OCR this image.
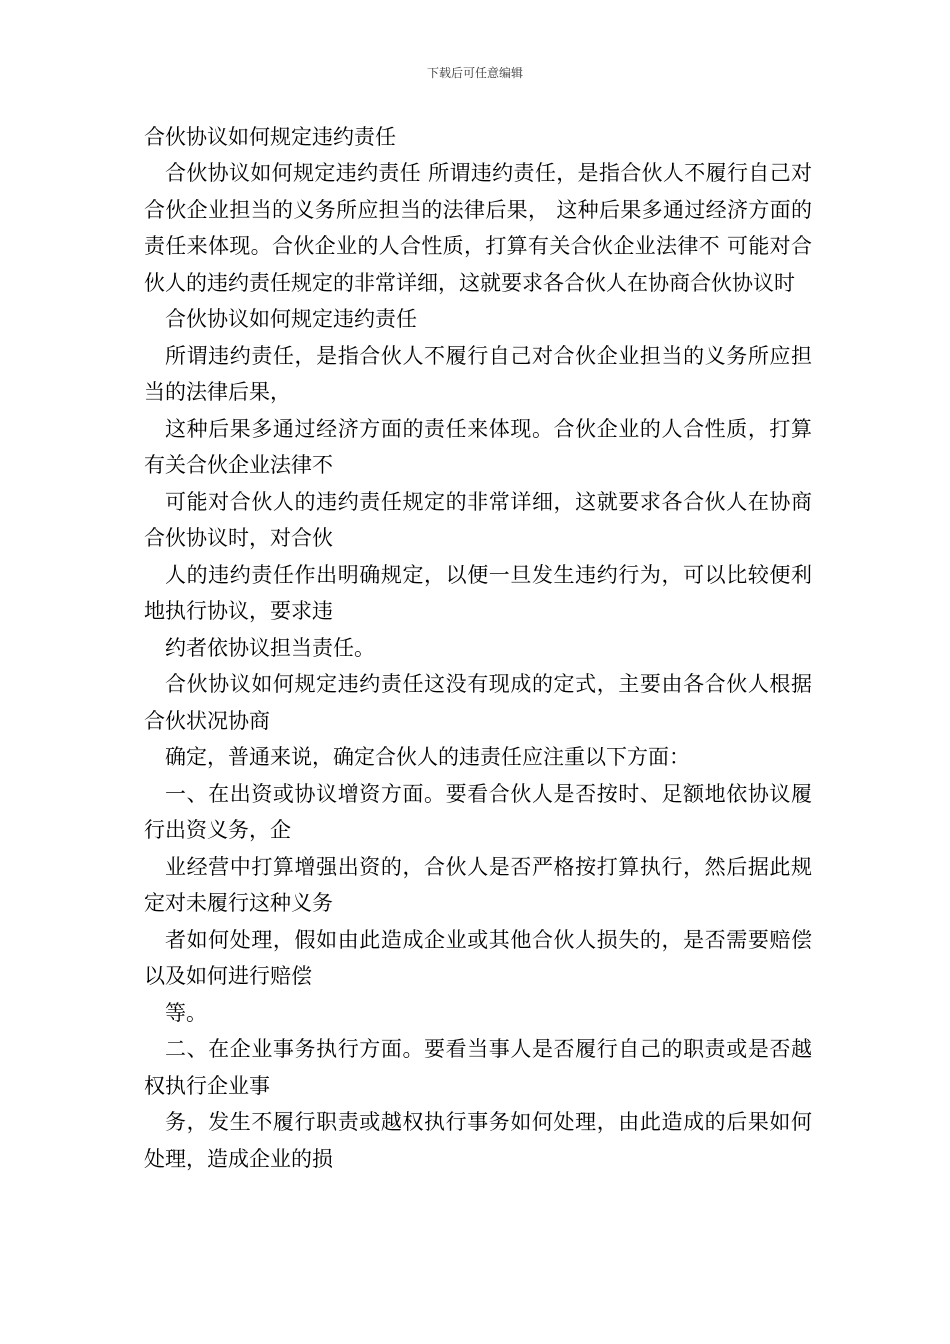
下载后可任意编辑

合伙协议如何规定违约责任

合伙协议如何规定违约责任 所谓违约责任，是指合伙人不履行自己对合伙企业担当的义务所应担当的法律后果， 这种后果多通过经济方面的责任来体现。合伙企业的人合性质，打算有关合伙企业法律不 可能对合伙人的违约责任规定的非常详细，这就要求各合伙人在协商合伙协议时

合伙协议如何规定违约责任

所谓违约责任，是指合伙人不履行自己对合伙企业担当的义务所应担当的法律后果，

这种后果多通过经济方面的责任来体现。合伙企业的人合性质，打算有关合伙企业法律不

可能对合伙人的违约责任规定的非常详细，这就要求各合伙人在协商合伙协议时，对合伙

人的违约责任作出明确规定，以便一旦发生违约行为，可以比较便利地执行协议，要求违

约者依协议担当责任。

合伙协议如何规定违约责任这没有现成的定式，主要由各合伙人根据合伙状况协商

确定，普通来说，确定合伙人的违责任应注重以下方面：

一、在出资或协议增资方面。要看合伙人是否按时、足额地依协议履行出资义务，企

业经营中打算增强出资的，合伙人是否严格按打算执行，然后据此规定对未履行这种义务

者如何处理，假如由此造成企业或其他合伙人损失的，是否需要赔偿以及如何进行赔偿

等。

二、在企业事务执行方面。要看当事人是否履行自己的职责或是否越权执行企业事

务，发生不履行职责或越权执行事务如何处理，由此造成的后果如何处理，造成企业的损
